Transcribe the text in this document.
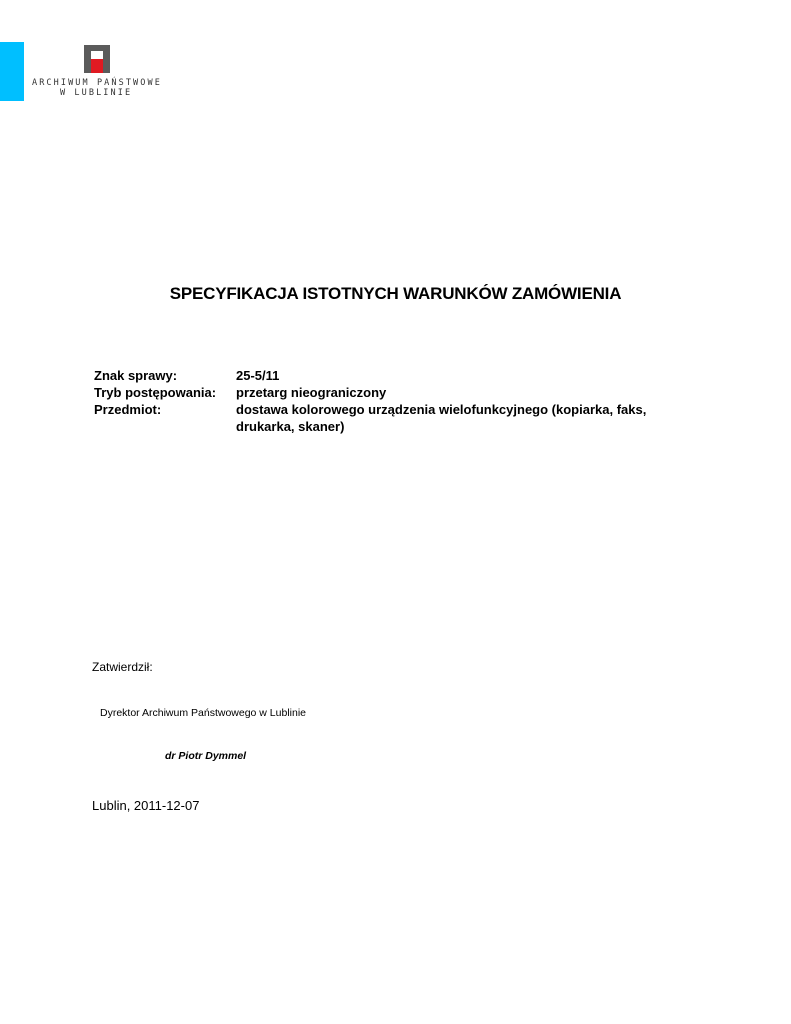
ARCHIWUM PAŃSTWOWE
W LUBLINIE
SPECYFIKACJA ISTOTNYCH WARUNKÓW ZAMÓWIENIA
Znak sprawy:	25-5/11
Tryb postępowania: przetarg nieograniczony
Przedmiot:	dostawa kolorowego urządzenia wielofunkcyjnego (kopiarka, faks, drukarka, skaner)
Zatwierdził:
Dyrektor Archiwum Państwowego w Lublinie
dr Piotr Dymmel
Lublin, 2011-12-07
